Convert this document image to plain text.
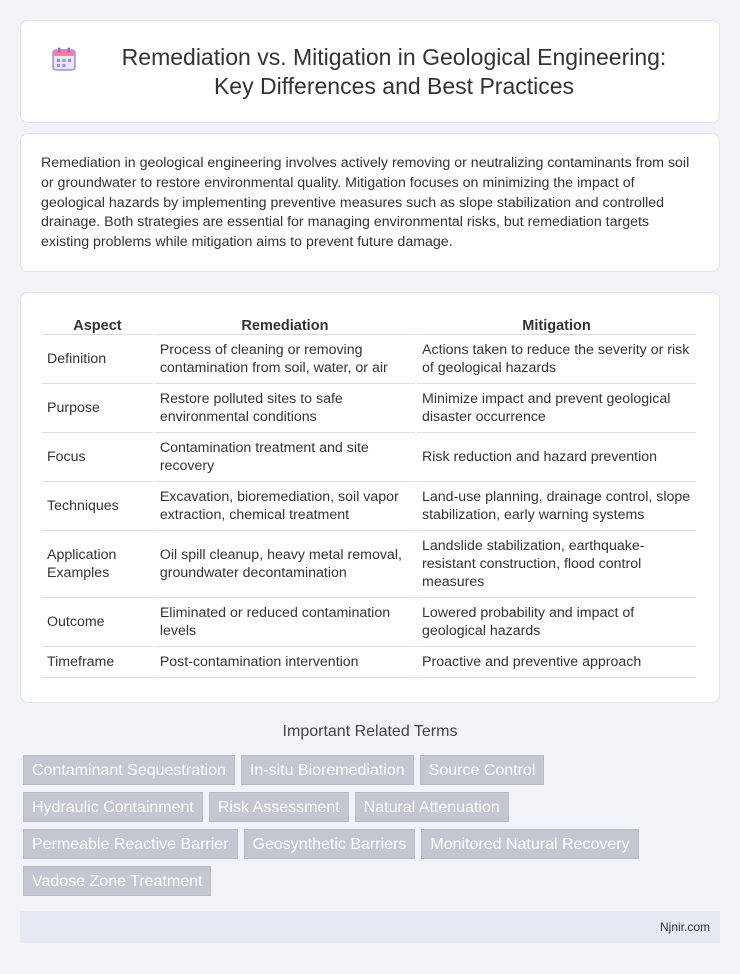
Remediation vs. Mitigation in Geological Engineering: Key Differences and Best Practices

Remediation in geological engineering involves actively removing or neutralizing contaminants from soil or groundwater to restore environmental quality. Mitigation focuses on minimizing the impact of geological hazards by implementing preventive measures such as slope stabilization and controlled drainage. Both strategies are essential for managing environmental risks, but remediation targets existing problems while mitigation aims to prevent future damage.

Aspect	Remediation	Mitigation
Definition	Process of cleaning or removing contamination from soil, water, or air	Actions taken to reduce the severity or risk of geological hazards
Purpose	Restore polluted sites to safe environmental conditions	Minimize impact and prevent geological disaster occurrence
Focus	Contamination treatment and site recovery	Risk reduction and hazard prevention
Techniques	Excavation, bioremediation, soil vapor extraction, chemical treatment	Land-use planning, drainage control, slope stabilization, early warning systems
Application Examples	Oil spill cleanup, heavy metal removal, groundwater decontamination	Landslide stabilization, earthquake-resistant construction, flood control measures
Outcome	Eliminated or reduced contamination levels	Lowered probability and impact of geological hazards
Timeframe	Post-contamination intervention	Proactive and preventive approach
Important Related Terms
Contaminant Sequestration	In-situ Bioremediation	Source Control
Hydraulic Containment	Risk Assessment	Natural Attenuation
Permeable Reactive Barrier	Geosynthetic Barriers	Monitored Natural Recovery
Vadose Zone Treatment
Njnir.com
